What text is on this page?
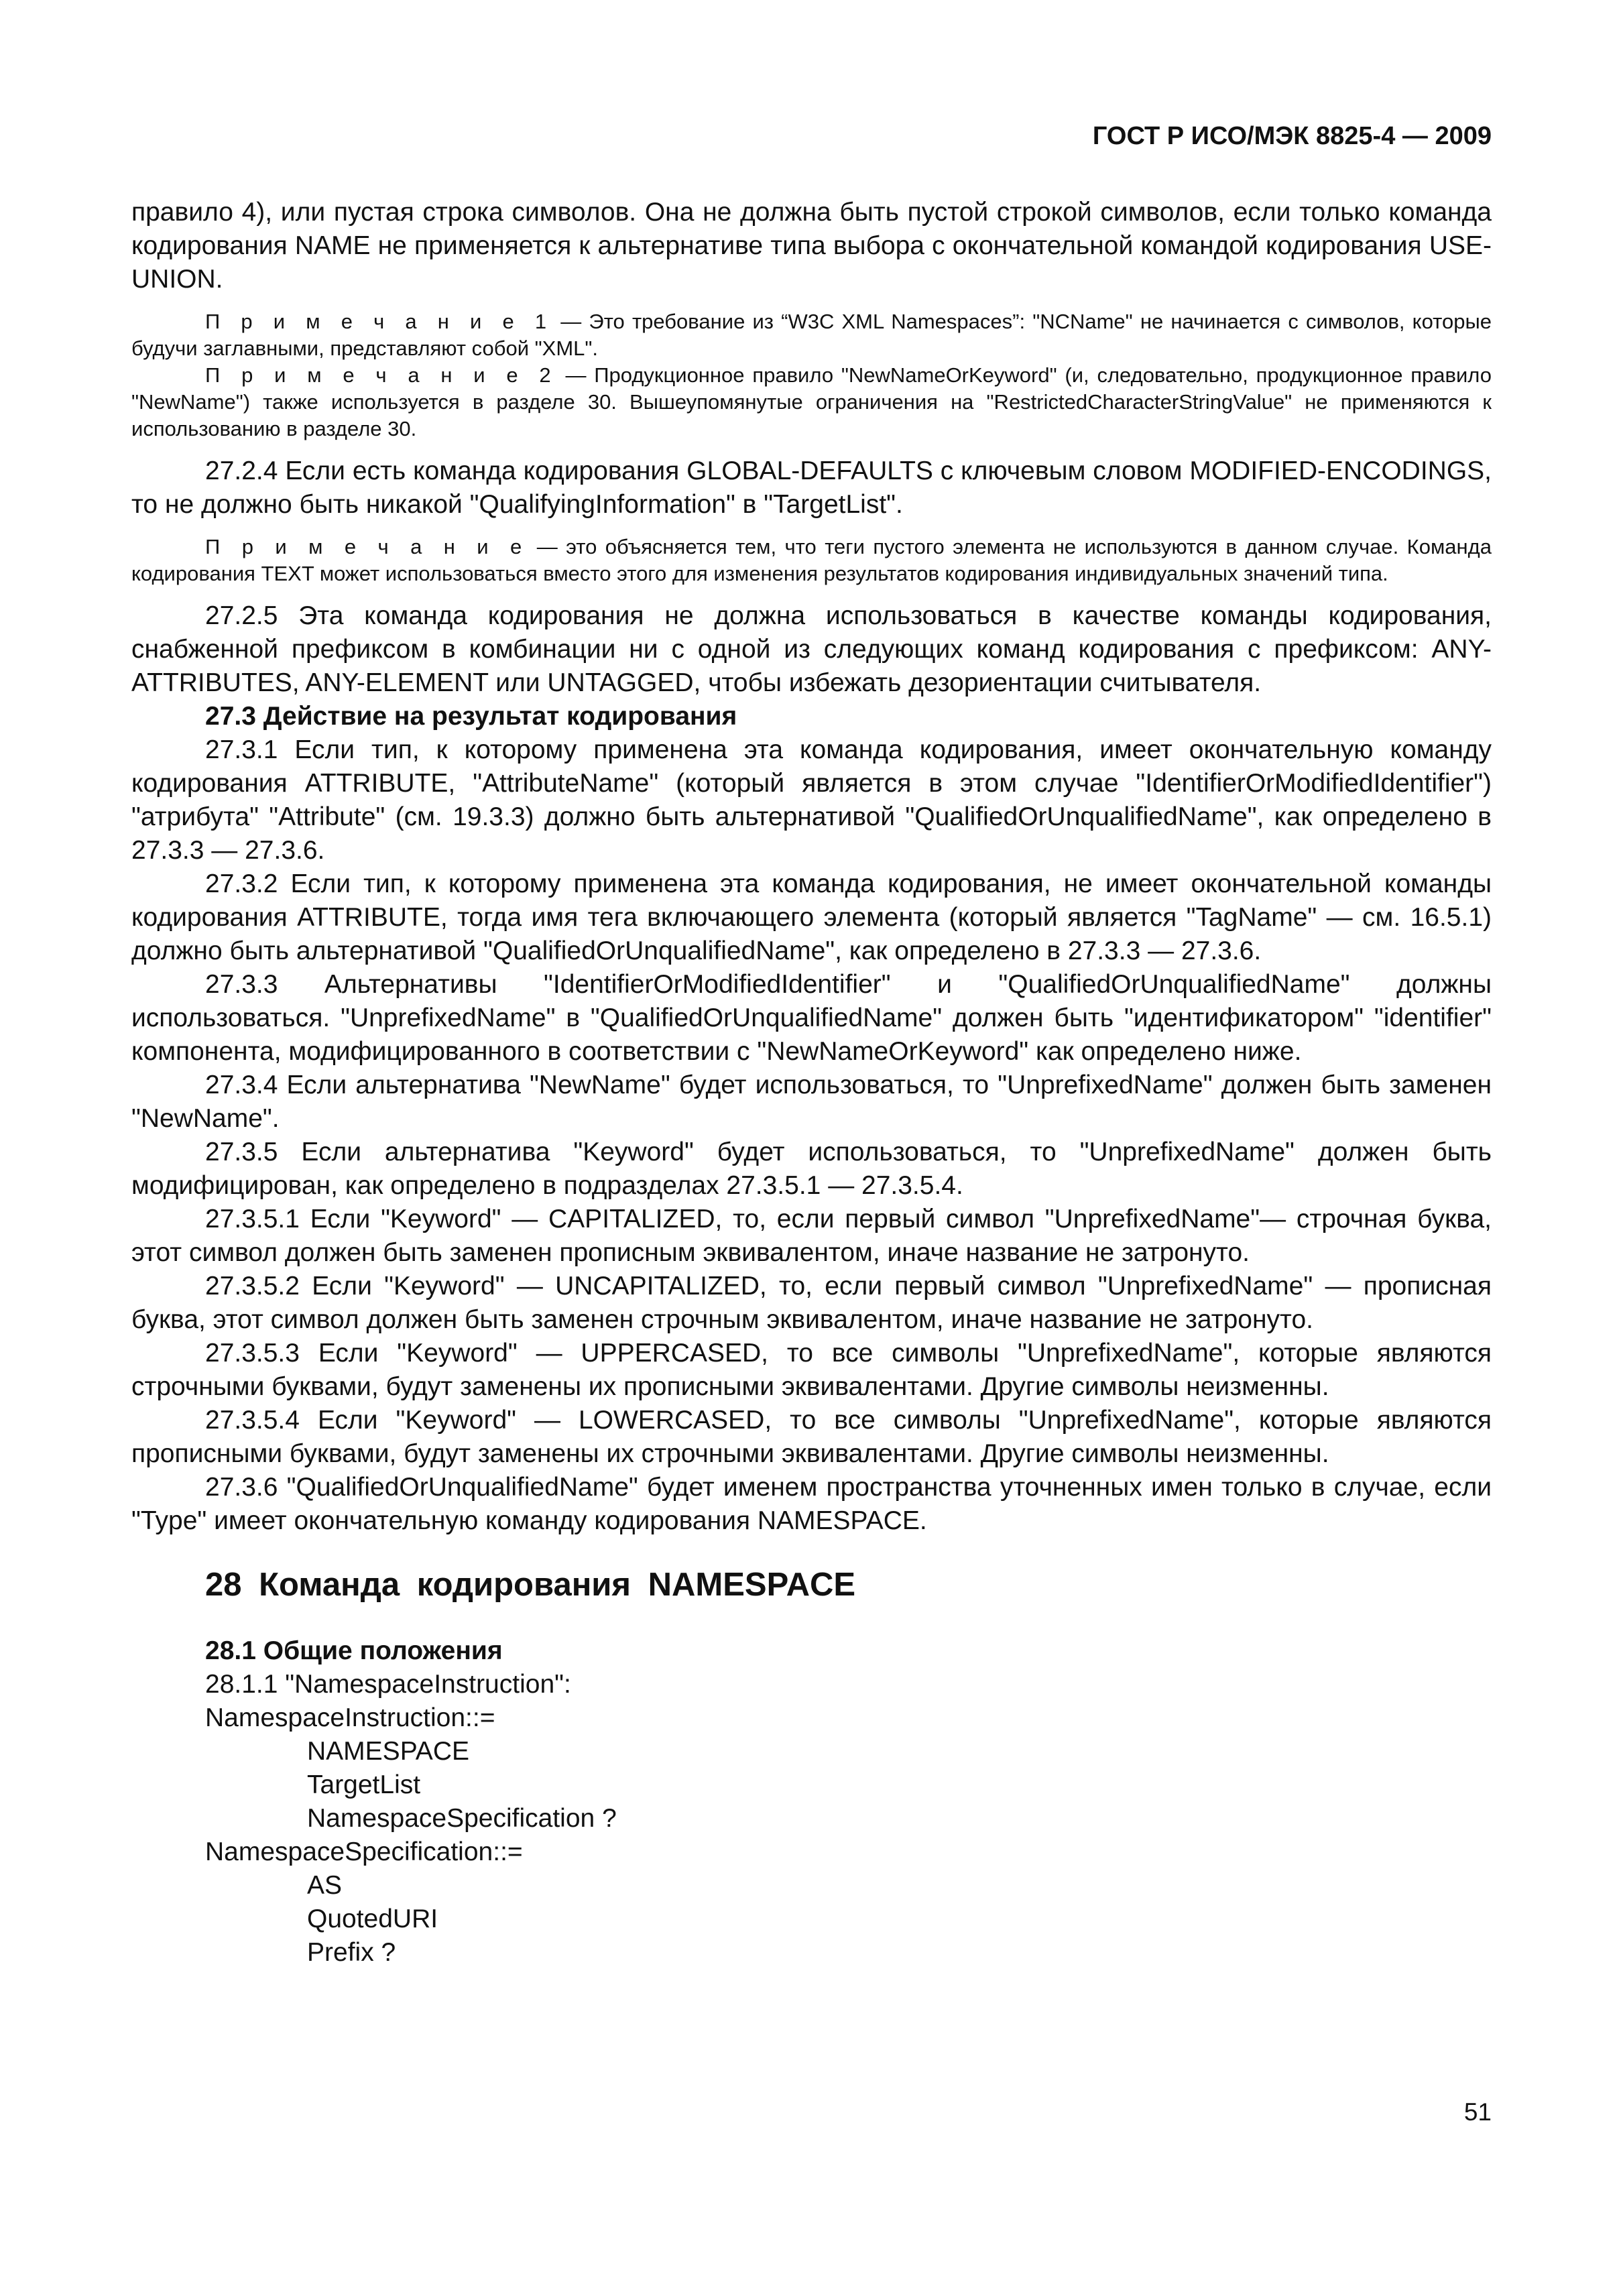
ГОСТ Р ИСО/МЭК 8825-4 — 2009

правило 4), или пустая строка символов. Она не должна быть пустой строкой символов, если только команда кодирования NAME не применяется к альтернативе типа выбора с окончательной командой кодирования USE-UNION.

П р и м е ч а н и е 1 — Это требование из “W3C XML Namespaces”: "NCName" не начинается с символов, которые будучи заглавными, представляют собой "XML".

П р и м е ч а н и е 2 — Продукционное правило "NewNameOrKeyword" (и, следовательно, продукционное правило "NewName") также используется в разделе 30. Вышеупомянутые ограничения на "RestrictedCharacterStringValue" не применяются к использованию в разделе 30.

27.2.4 Если есть команда кодирования GLOBAL-DEFAULTS с ключевым словом MODIFIED-ENCODINGS, то не должно быть никакой "QualifyingInformation" в "TargetList".

П р и м е ч а н и е — это объясняется тем, что теги пустого элемента не используются в данном случае. Команда кодирования TEXT может использоваться вместо этого для изменения результатов кодирования индивидуальных значений типа.

27.2.5 Эта команда кодирования не должна использоваться в качестве команды кодирования, снабженной префиксом в комбинации ни с одной из следующих команд кодирования с префиксом: ANY-ATTRIBUTES, ANY-ELEMENT или UNTAGGED, чтобы избежать дезориентации считывателя.

27.3 Действие на результат кодирования

27.3.1 Если тип, к которому применена эта команда кодирования, имеет окончательную команду кодирования ATTRIBUTE, "AttributeName" (который является в этом случае "IdentifierOrModifiedIdentifier") "атрибута" "Attribute" (см. 19.3.3) должно быть альтернативой "QualifiedOrUnqualifiedName", как определено в 27.3.3 — 27.3.6.

27.3.2 Если тип, к которому применена эта команда кодирования, не имеет окончательной команды кодирования ATTRIBUTE, тогда имя тега включающего элемента (который является "TagName" — см. 16.5.1) должно быть альтернативой "QualifiedOrUnqualifiedName", как определено в 27.3.3 — 27.3.6.

27.3.3 Альтернативы "IdentifierOrModifiedIdentifier" и "QualifiedOrUnqualifiedName" должны использоваться. "UnprefixedName" в "QualifiedOrUnqualifiedName" должен быть "идентификатором" "identifier" компонента, модифицированного в соответствии с "NewNameOrKeyword" как определено ниже.

27.3.4 Если альтернатива "NewName" будет использоваться, то "UnprefixedName" должен быть заменен "NewName".

27.3.5 Если альтернатива "Keyword" будет использоваться, то "UnprefixedName" должен быть модифицирован, как определено в подразделах 27.3.5.1 — 27.3.5.4.

27.3.5.1 Если "Keyword" — CAPITALIZED, то, если первый символ "UnprefixedName"— строчная буква, этот символ должен быть заменен прописным эквивалентом, иначе название не затронуто.

27.3.5.2 Если "Keyword" — UNCAPITALIZED, то, если первый символ "UnprefixedName" — прописная буква, этот символ должен быть заменен строчным эквивалентом, иначе название не затронуто.

27.3.5.3 Если "Keyword" — UPPERCASED, то все символы "UnprefixedName", которые являются строчными буквами, будут заменены их прописными эквивалентами. Другие символы неизменны.

27.3.5.4 Если "Keyword" — LOWERCASED, то все символы "UnprefixedName", которые являются прописными буквами, будут заменены их строчными эквивалентами. Другие символы неизменны.

27.3.6 "QualifiedOrUnqualifiedName" будет именем пространства уточненных имен только в случае, если "Type" имеет окончательную команду кодирования NAMESPACE.

28 Команда кодирования NAMESPACE
28.1 Общие положения
28.1.1 "NamespaceInstruction":
NamespaceInstruction::=
NAMESPACE
TargetList
NamespaceSpecification ?
NamespaceSpecification::=
AS
QuotedURI
Prefix ?
51
